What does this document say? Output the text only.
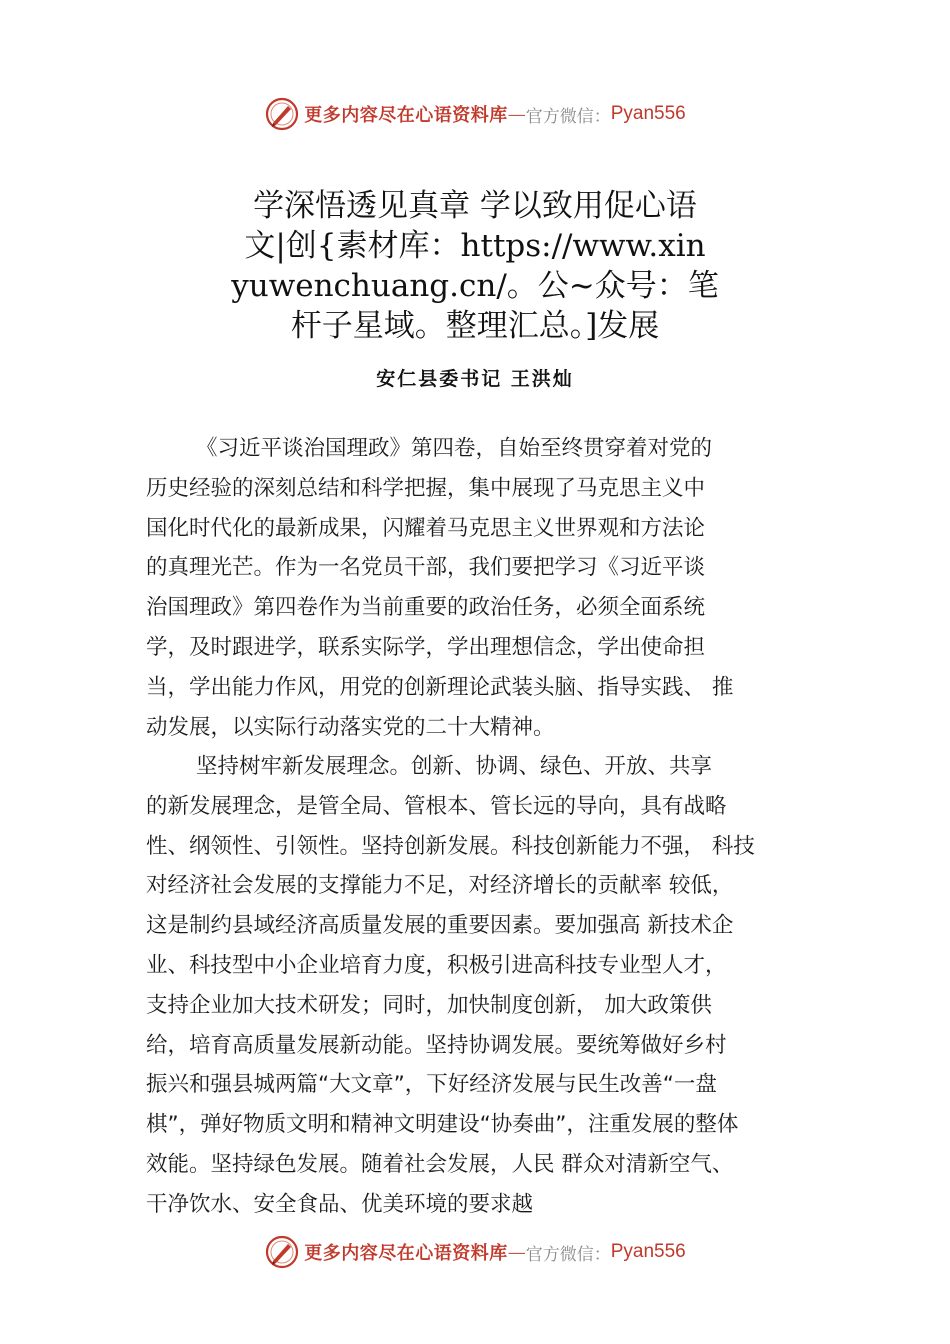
更多内容尽在心语资料库 — 官方微信： Pyan556
学深悟透见真章 学以致用促心语
文|创{素材库：https://www.xin
yuwenchuang.cn/。公~众号：笔
杆子星域。整理汇总。]发展
安仁县委书记 王洪灿
《习近平谈治国理政》第四卷，自始至终贯穿着对党的
历史经验的深刻总结和科学把握，集中展现了马克思主义中
国化时代化的最新成果，闪耀着马克思主义世界观和方法论
的真理光芒。作为一名党员干部，我们要把学习《习近平谈
治国理政》第四卷作为当前重要的政治任务，必须全面系统
学，及时跟进学，联系实际学，学出理想信念，学出使命担
当，学出能力作风，用党的创新理论武装头脑、指导实践、 推
动发展，以实际行动落实党的二十大精神。
坚持树牢新发展理念。创新、协调、绿色、开放、共享
的新发展理念，是管全局、管根本、管长远的导向，具有战略
性、纲领性、引领性。坚持创新发展。科技创新能力不强， 科技
对经济社会发展的支撑能力不足，对经济增长的贡献率 较低，
这是制约县域经济高质量发展的重要因素。要加强高 新技术企
业、科技型中小企业培育力度，积极引进高科技专业型人才，
支持企业加大技术研发；同时，加快制度创新， 加大政策供
给，培育高质量发展新动能。坚持协调发展。要统筹做好乡村
振兴和强县城两篇“大文章”，下好经济发展与民生改善“一盘
棋”，弹好物质文明和精神文明建设“协奏曲”，注重发展的整体
效能。坚持绿色发展。随着社会发展，人民 群众对清新空气、
干净饮水、安全食品、优美环境的要求越
更多内容尽在心语资料库 — 官方微信： Pyan556
